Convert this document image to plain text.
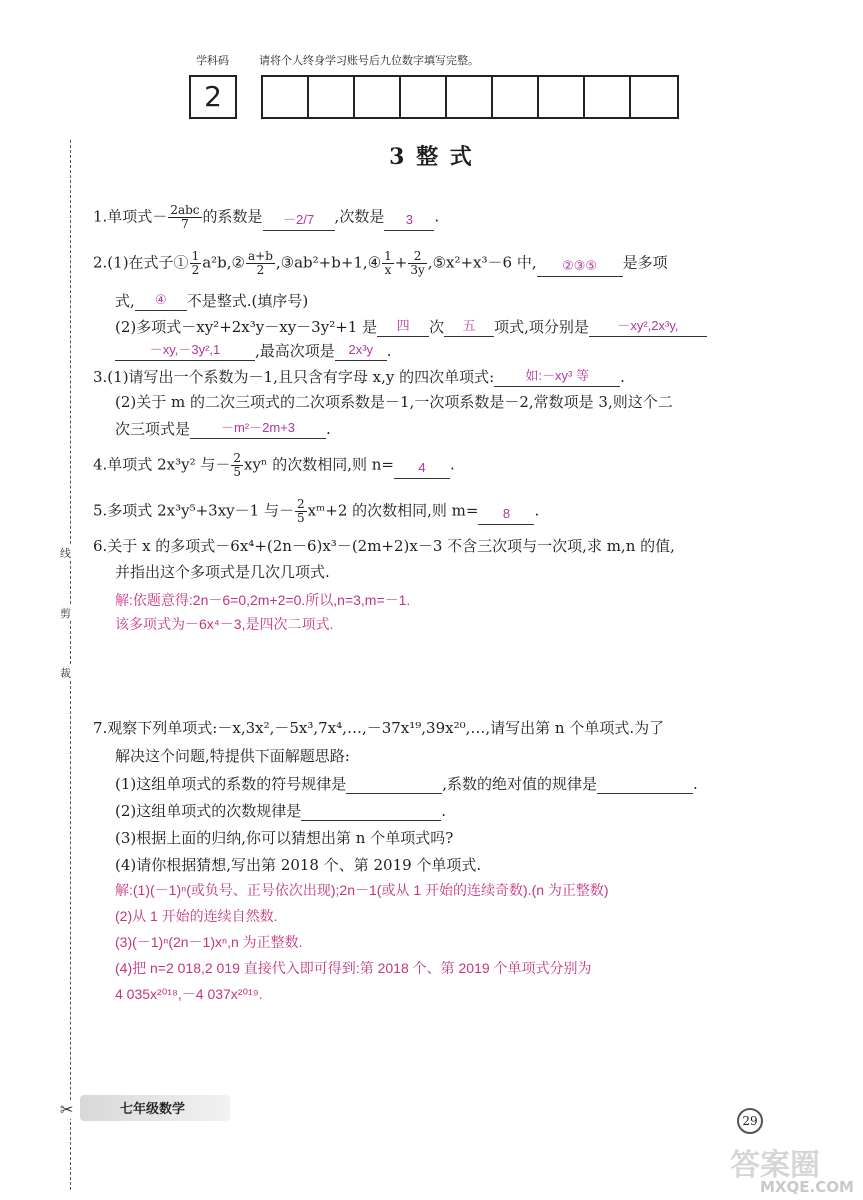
学科码	请将个人终身学习账号后九位数字填写完整。
2
3 整 式
线
剪
裁
✂
1.单项式－ $\frac{\text{2abc}}{7}$ 的系数是 －2/7 ,次数是 3 .
2.(1)在式子① $\frac{1}{2}$ a²b,② $\frac{a+b}{2}$ ,③ab²+b+1,④ $\frac{1}{x} + \frac{2}{3y}$ ,⑤x²+x³－6 中, ②③⑤ 是多项
式, ④ 不是整式.(填序号)
(2)多项式－xy²+2x³y－xy－3y²+1 是 四 次 五 项式,项分别是 －xy²,2x³y,
－xy,－3y²,1 ,最高次项是 2x³y .
3.(1)请写出一个系数为－1,且只含有字母 x,y 的四次单项式: 如:－xy³ 等 .
(2)关于 m 的二次三项式的二次项系数是－1,一次项系数是－2,常数项是 3,则这个二
次三项式是 －m²－2m+3 .
4.单项式 2x³y² 与－ $\frac{2}{5}$ xyⁿ 的次数相同,则 n= 4 .
5.多项式 2x³y⁵+3xy－1 与－ $\frac{2}{5}$ xᵐ+2 的次数相同,则 m= 8 .
6.关于 x 的多项式－6x⁴+(2n－6)x³－(2m+2)x－3 不含三次项与一次项,求 m,n 的值,
并指出这个多项式是几次几项式.
解:依题意得:2n－6=0,2m+2=0.所以,n=3,m=－1.
该多项式为－6x⁴－3,是四次二项式.
7.观察下列单项式:－x,3x²,－5x³,7x⁴,…,－37x¹⁹,39x²⁰,…,请写出第 n 个单项式.为了
解决这个问题,特提供下面解题思路:
(1)这组单项式的系数的符号规律是	,系数的绝对值的规律是	.
(2)这组单项式的次数规律是	.
(3)根据上面的归纳,你可以猜想出第 n 个单项式吗?
(4)请你根据猜想,写出第 2018 个、第 2019 个单项式.
解:(1)(－1)ⁿ(或负号、正号依次出现);2n－1(或从 1 开始的连续奇数).(n 为正整数)
(2)从 1 开始的连续自然数.
(3)(－1)ⁿ(2n－1)xⁿ,n 为正整数.
(4)把 n=2 018,2 019 直接代入即可得到:第 2018 个、第 2019 个单项式分别为
4 035x²⁰¹⁸,－4 037x²⁰¹⁹.
七年级数学
29
答案圈
MXQE.COM
